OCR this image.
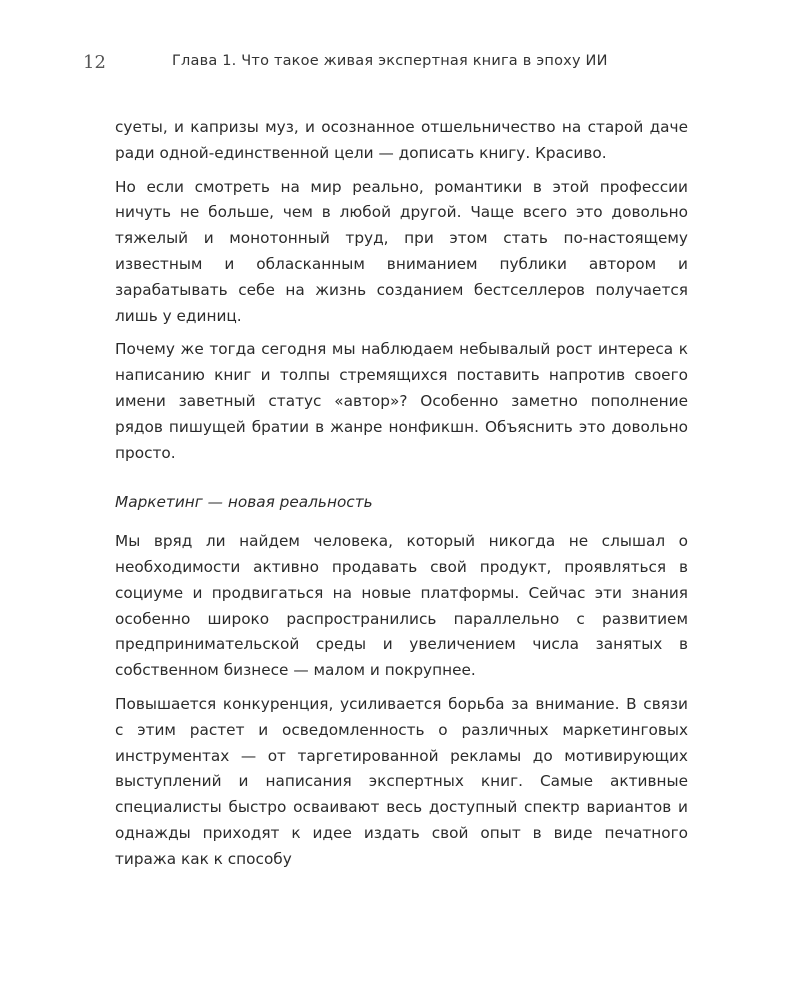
12	Глава 1. Что такое живая экспертная книга в эпоху ИИ

суеты, и капризы муз, и осознанное отшельничество на старой даче ради одной-единственной цели — дописать книгу. Красиво.

Но если смотреть на мир реально, романтики в этой профессии ничуть не больше, чем в любой другой. Чаще всего это довольно тяжелый и монотонный труд, при этом стать по-настоящему известным и обласканным вниманием публики автором и зарабатывать себе на жизнь созданием бестселлеров получается лишь у единиц.

Почему же тогда сегодня мы наблюдаем небывалый рост интереса к написанию книг и толпы стремящихся поставить напротив своего имени заветный статус «автор»? Особенно заметно пополнение рядов пишущей братии в жанре нонфикшн. Объяснить это довольно просто.

Маркетинг — новая реальность

Мы вряд ли найдем человека, который никогда не слышал о необходимости активно продавать свой продукт, проявляться в социуме и продвигаться на новые платформы. Сейчас эти знания особенно широко распространились параллельно с развитием предпринимательской среды и увеличением числа занятых в собственном бизнесе — малом и покрупнее.

Повышается конкуренция, усиливается борьба за внимание. В связи с этим растет и осведомленность о различных маркетинговых инструментах — от таргетированной рекламы до мотивирующих выступлений и написания экспертных книг. Самые активные специалисты быстро осваивают весь доступный спектр вариантов и однажды приходят к идее издать свой опыт в виде печатного тиража как к способу
